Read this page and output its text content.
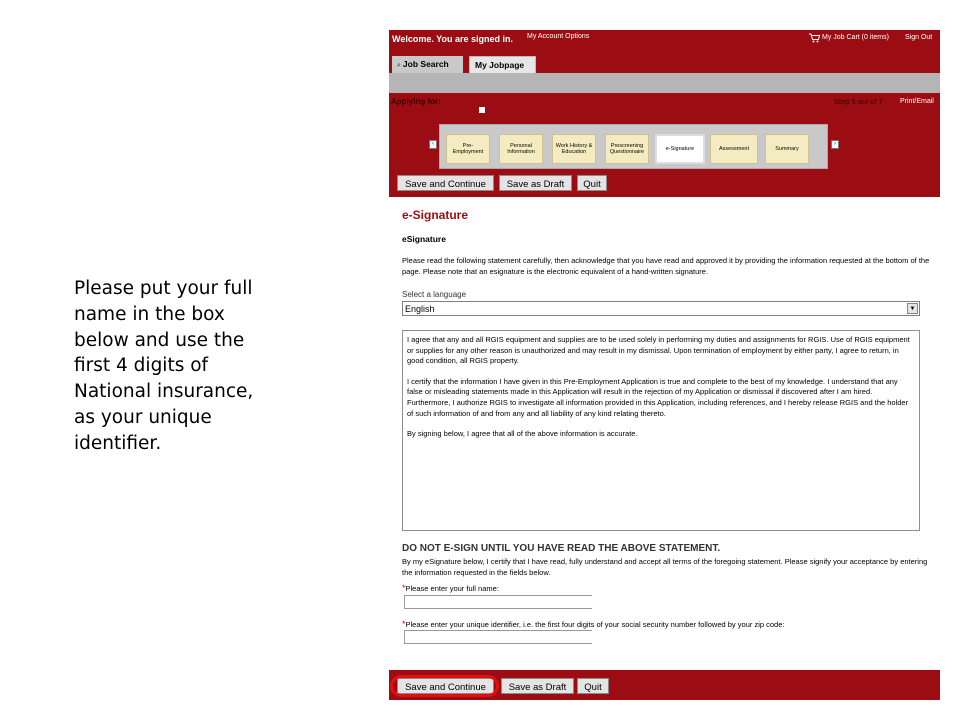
Please put your full name in the box below and use the first 4 digits of National insurance, as your unique identifier.
Welcome. You are signed in. My Account Options	My Job Cart (0 items) Sign Out
⌕ Job Search	My Jobpage
Applying for:	Step 5 out of 7 Print/Email
‹	Pre-Employment
Personal Information
Work History & Education
Prescreening Questionnaire
e-Signature	Assessment	Summary
›
Save and Continue	Save as Draft	Quit
e-Signature
eSignature
Please read the following statement carefully, then acknowledge that you have read and approved it by providing the information requested at the bottom of the page. Please note that an esignature is the electronic equivalent of a hand-written signature.
Select a language
English	▼

I agree that any and all RGIS equipment and supplies are to be used solely in performing my duties and assignments for RGIS. Use of RGIS equipment or supplies for any other reason is unauthorized and may result in my dismissal. Upon termination of employment by either party, I agree to return, in good condition, all RGIS property.

I certify that the information I have given in this Pre-Employment Application is true and complete to the best of my knowledge. I understand that any false or misleading statements made in this Application will result in the rejection of my Application or dismissal if discovered after I am hired. Furthermore, I authorize RGIS to investigate all information provided in this Application, including references, and I hereby release RGIS and the holder of such information of and from any and all liability of any kind relating thereto.

By signing below, I agree that all of the above information is accurate.

DO NOT E-SIGN UNTIL YOU HAVE READ THE ABOVE STATEMENT.
By my eSignature below, I certify that I have read, fully understand and accept all terms of the foregoing statement. Please signify your acceptance by entering the information requested in the fields below.
*Please enter your full name:
*Please enter your unique identifier, i.e. the first four digits of your social security number followed by your zip code:
Save and Continue	Save as Draft	Quit
